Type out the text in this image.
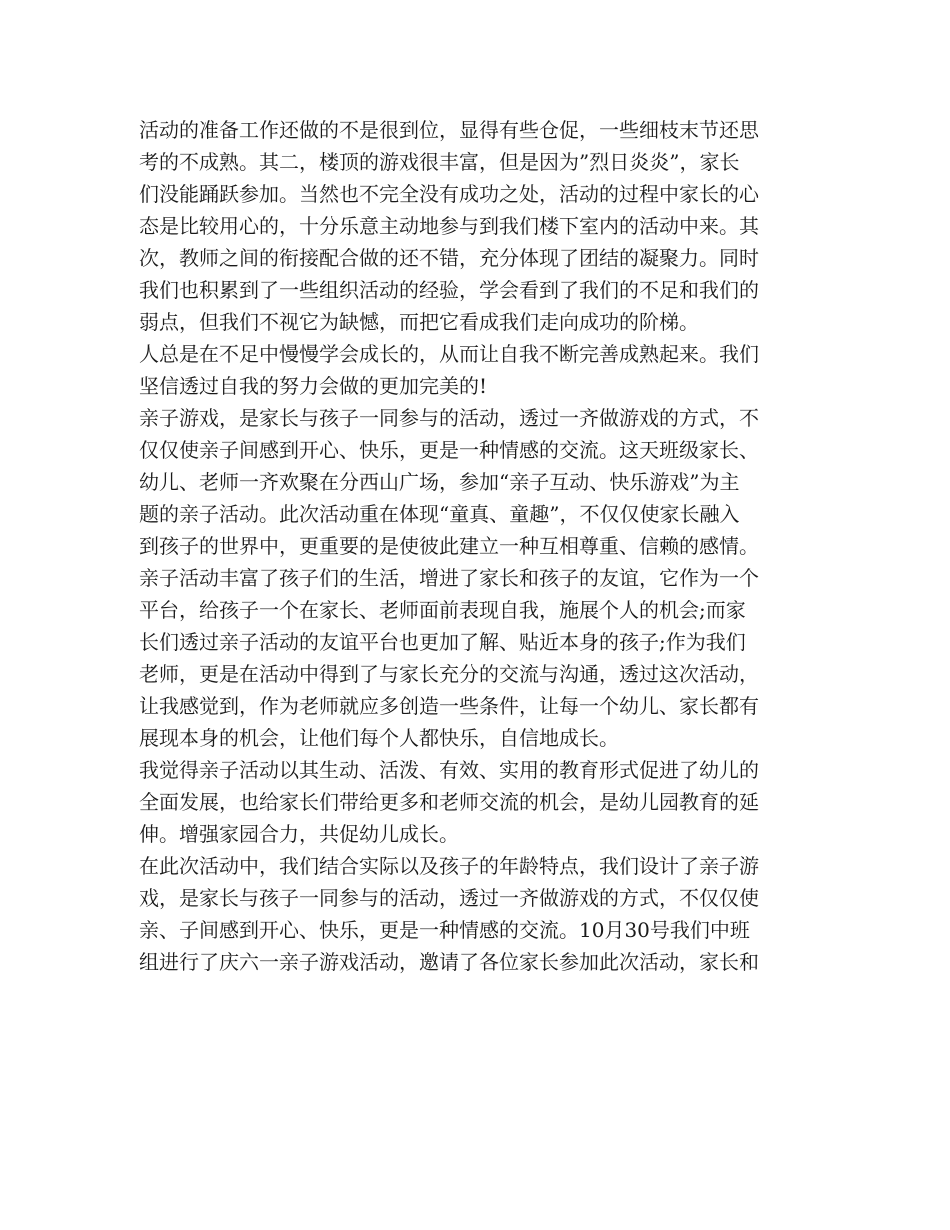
活动的准备工作还做的不是很到位，显得有些仓促，一些细枝末节还思
考的不成熟。其二，楼顶的游戏很丰富，但是因为”烈日炎炎”，家长
们没能踊跃参加。当然也不完全没有成功之处，活动的过程中家长的心
态是比较用心的，十分乐意主动地参与到我们楼下室内的活动中来。其
次，教师之间的衔接配合做的还不错，充分体现了团结的凝聚力。同时
我们也积累到了一些组织活动的经验，学会看到了我们的不足和我们的
弱点，但我们不视它为缺憾，而把它看成我们走向成功的阶梯。

人总是在不足中慢慢学会成长的，从而让自我不断完善成熟起来。我们
坚信透过自我的努力会做的更加完美的!

亲子游戏，是家长与孩子一同参与的活动，透过一齐做游戏的方式，不
仅仅使亲子间感到开心、快乐，更是一种情感的交流。这天班级家长、
幼儿、老师一齐欢聚在分西山广场，参加“亲子互动、快乐游戏”为主
题的亲子活动。此次活动重在体现“童真、童趣”，不仅仅使家长融入
到孩子的世界中，更重要的是使彼此建立一种互相尊重、信赖的感情。

亲子活动丰富了孩子们的生活，增进了家长和孩子的友谊，它作为一个
平台，给孩子一个在家长、老师面前表现自我，施展个人的机会;而家
长们透过亲子活动的友谊平台也更加了解、贴近本身的孩子;作为我们
老师，更是在活动中得到了与家长充分的交流与沟通，透过这次活动，
让我感觉到，作为老师就应多创造一些条件，让每一个幼儿、家长都有
展现本身的机会，让他们每个人都快乐，自信地成长。

我觉得亲子活动以其生动、活泼、有效、实用的教育形式促进了幼儿的
全面发展，也给家长们带给更多和老师交流的机会，是幼儿园教育的延
伸。增强家园合力，共促幼儿成长。

在此次活动中，我们结合实际以及孩子的年龄特点，我们设计了亲子游
戏，是家长与孩子一同参与的活动，透过一齐做游戏的方式，不仅仅使
亲、子间感到开心、快乐，更是一种情感的交流。10月30号我们中班
组进行了庆六一亲子游戏活动，邀请了各位家长参加此次活动，家长和
